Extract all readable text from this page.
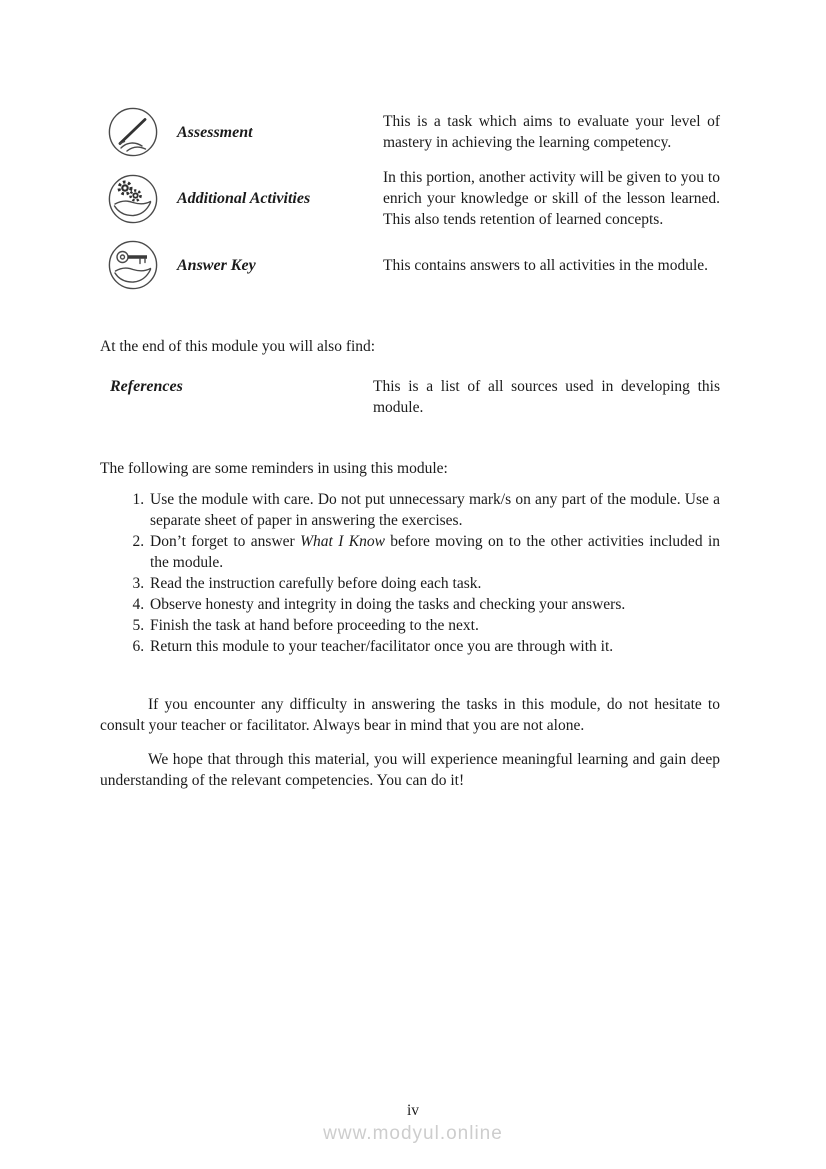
Assessment
This is a task which aims to evaluate your level of mastery in achieving the learning competency.
Additional Activities
In this portion, another activity will be given to you to enrich your knowledge or skill of the lesson learned. This also tends retention of learned concepts.
Answer Key	This contains answers to all activities in the module.

At the end of this module you will also find:

References	This is a list of all sources used in developing this module.

The following are some reminders in using this module:

1. Use the module with care. Do not put unnecessary mark/s on any part of the module. Use a separate sheet of paper in answering the exercises.
2. Don’t forget to answer What I Know before moving on to the other activities included in the module.
3. Read the instruction carefully before doing each task.
4. Observe honesty and integrity in doing the tasks and checking your answers.
5. Finish the task at hand before proceeding to the next.
6. Return this module to your teacher/facilitator once you are through with it.

If you encounter any difficulty in answering the tasks in this module, do not hesitate to consult your teacher or facilitator. Always bear in mind that you are not alone.

We hope that through this material, you will experience meaningful learning and gain deep understanding of the relevant competencies. You can do it!

iv
www.modyul.online
